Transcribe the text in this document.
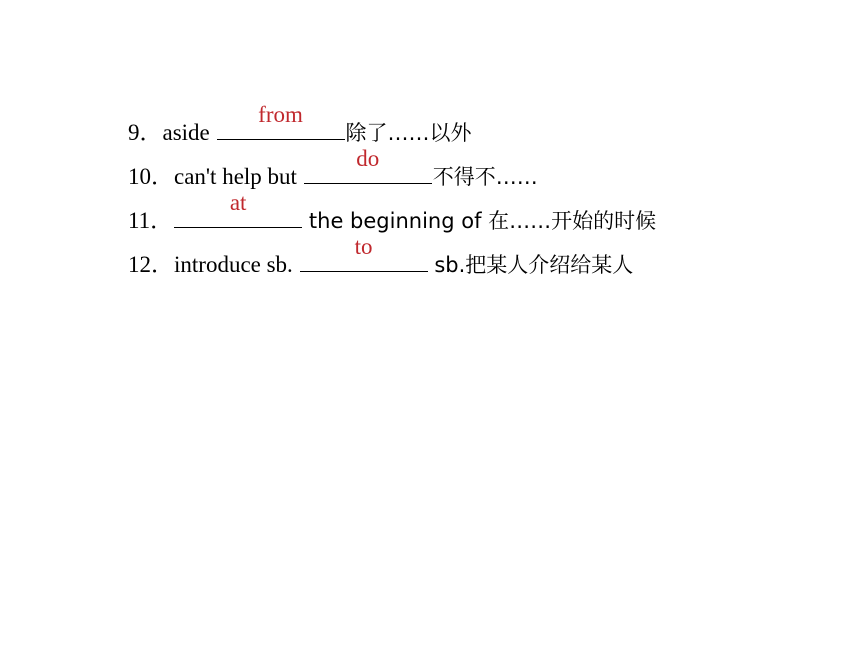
9．aside
from
除了……以外
10．can't help but
do
不得不……
11．
at
the beginning of 在……开始的时候
12．introduce sb.
to
sb.把某人介绍给某人
